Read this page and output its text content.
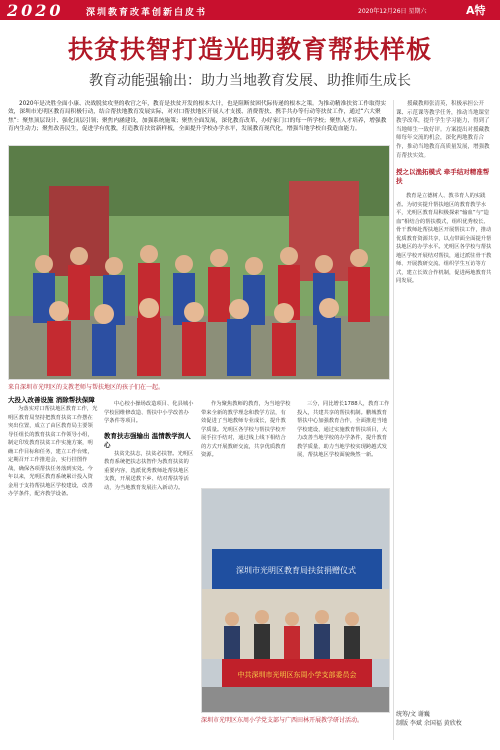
2020 深圳教育改革创新白皮书	2020年12月26日 星期六	A特10
扶贫扶智打造光明教育帮扶样板
教育动能强输出：助力当地教育发展、助推师生成长
2020年是决胜全面小康、决战脱贫攻坚的收官之年，教育是扶贫开发的根本大计，也是阻断贫困代际传递的根本之策。为推动精准扶贫工作取得实效，深圳市光明区教育局积极行动，结合帮扶地教育发展实际，对对口帮扶地区开展人才支援、消费帮扶、携手共办等行动等扶贫工作，通过“六大聚焦”：聚焦顶层设计、强化顶层引领；聚焦内涵建设，加强系统施策；聚焦全面发展，深化教育改革，办好家门口的每一所学校；聚焦人才培养，增强教育内生动力；聚焦改善民生，促进学有优教，打造教育扶贫新样板，全面提升学校办学水平，发展教育现代化，增强当地学校自我造血能力。
援藏教师张清英，积极承担公开课、示范课等教学任务，推动当地课堂教学改革，提升学生学习能力，得到了当地师生一致好评。方案提出对援藏教师每年交流的机会，深化两地教育合作，推动当地教育高质量发展，增强教育帮扶实效。
来自深圳市光明区的支教老师与帮扶地区的孩子们在一起。
大投入改善设施 消除帮扶保障
为落实对口帮扶地区教育工作，光明区教育局坚持把教育扶贫工作摆在突出位置，成立了由区教育局主要领导任组长的教育扶贫工作领导小组，制定印发教育扶贫工作实施方案，明确工作目标和任务，建立工作台账，定期召开工作推进会，实行挂图作战，确保各项帮扶任务落到实处。今年以来，光明区教育系统累计投入资金用于支持帮扶地区学校建设，改善办学条件，配齐教学设备。
中心校小操场改造项目、化县城小学校园维修改造、帮扶中小学改善办学条件等项目。
教育扶志强输出 温情教学润人心
扶贫先扶志，扶贫必扶智。光明区教育系统把扶志扶智作为教育扶贫的重要内容，选派优秀教师赴帮扶地区支教，开展送教下乡、结对帮扶等活动，为当地教育发展注入新动力。
作为聚焦教师的教育，为当地学校带来全新的教学理念和教学方法，有效促进了当地教师专业成长，提升教学质量。光明区各学校与帮扶学校开展手拉手结对，通过线上线下相结合的方式开展教研交流，共享优质教育资源。
三分，同比增长1788人，教育工作投入，共建共享的帮扶机制。鹏城教育帮扶中心加强教育合作，全面推进当地学校建设，通过实施教育帮扶项目，大力改善当地学校的办学条件，提升教育教学质量，助力当地学校实现跨越式发展，帮扶地区学校面貌焕然一新。
授之以渔拓模式 牵手结对精准帮扶
教育是立德树人、教书育人的实践者。为切实提升帮扶地区的教育教学水平，光明区教育局积极探索“输血”与“造血”相结合的帮扶模式，组织优秀校长、骨干教师赴帮扶地区开展帮扶工作，推动优质教育资源共享，以点带面全面提升帮扶地区的办学水平。光明区各学校与帮扶地区学校开展结对帮扶，通过派驻骨干教师、开展教研交流、组织学生互访等方式，建立长效合作机制，促进两地教育共同发展。
深圳市光明区教育局扶贫捐赠仪式
中共深圳市光明区东周小学支部委员会
深圳市光明区东周小学党支部与广西田林开展教学研讨活动。
统筹/文 谢巍
制版 李斌 余国福 黄欣枚
